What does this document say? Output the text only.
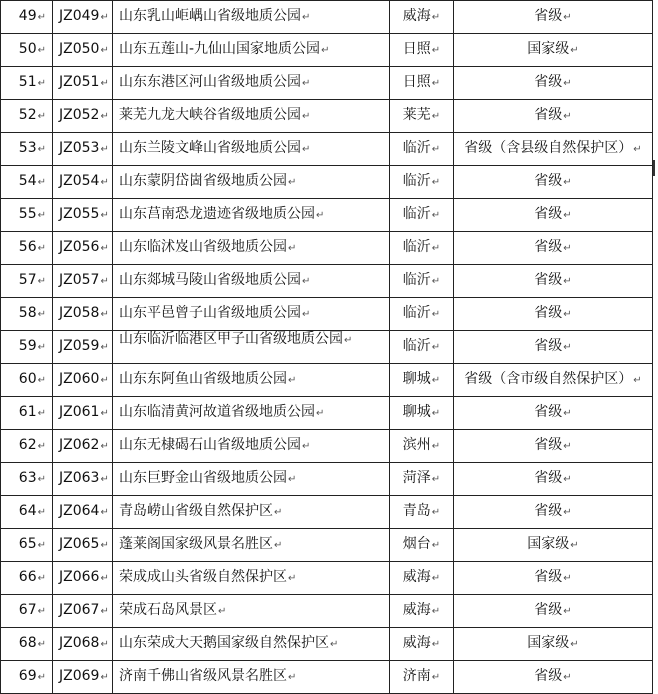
49↵	JZ049↵	山东乳山岠嵎山省级地质公园↵	威海↵	省级↵
50↵	JZ050↵	山东五莲山-九仙山国家地质公园↵	日照↵	国家级↵
51↵	JZ051↵	山东东港区河山省级地质公园↵	日照↵	省级↵
52↵	JZ052↵	莱芜九龙大峡谷省级地质公园↵	莱芜↵	省级↵
53↵	JZ053↵	山东兰陵文峰山省级地质公园↵	临沂↵	省级（含县级自然保护区）↵
54↵	JZ054↵	山东蒙阴岱崮省级地质公园↵	临沂↵	省级↵
55↵	JZ055↵	山东莒南恐龙遗迹省级地质公园↵	临沂↵	省级↵
56↵	JZ056↵	山东临沭岌山省级地质公园↵	临沂↵	省级↵
57↵	JZ057↵	山东郯城马陵山省级地质公园↵	临沂↵	省级↵
58↵	JZ058↵	山东平邑曾子山省级地质公园↵	临沂↵	省级↵
59↵	JZ059↵	山东临沂临港区甲子山省级地质公园↵	临沂↵	省级↵
60↵	JZ060↵	山东东阿鱼山省级地质公园↵	聊城↵	省级（含市级自然保护区）↵
61↵	JZ061↵	山东临清黄河故道省级地质公园↵	聊城↵	省级↵
62↵	JZ062↵	山东无棣碣石山省级地质公园↵	滨州↵	省级↵
63↵	JZ063↵	山东巨野金山省级地质公园↵	菏泽↵	省级↵
64↵	JZ064↵	青岛崂山省级自然保护区↵	青岛↵	省级↵
65↵	JZ065↵	蓬莱阁国家级风景名胜区↵	烟台↵	国家级↵
66↵	JZ066↵	荣成成山头省级自然保护区↵	威海↵	省级↵
67↵	JZ067↵	荣成石岛风景区↵	威海↵	省级↵
68↵	JZ068↵	山东荣成大天鹅国家级自然保护区↵	威海↵	国家级↵
69↵	JZ069↵	济南千佛山省级风景名胜区↵	济南↵	省级↵
